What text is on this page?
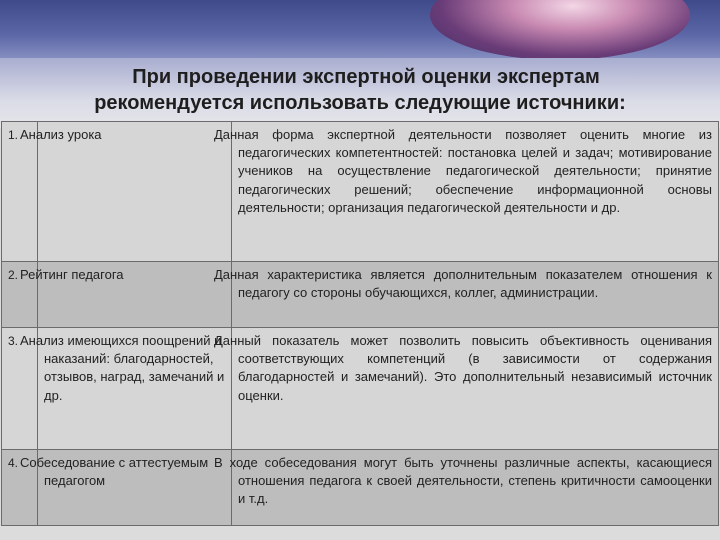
При проведении экспертной оценки экспертам
рекомендуется использовать следующие источники:
1.	Анализ урока	Данная форма экспертной деятельности позволяет оценить многие из педагогических компетентностей: постановка целей и задач; мотивирование учеников на осуществление педагогической деятельности; принятие педагогических решений; обеспечение информационной основы деятельности; организация педагогической деятельности и др.
2.	Рейтинг педагога	Данная характеристика является дополнительным показателем отношения к педагогу со стороны обучающихся, коллег, администрации.
3.	Анализ имеющихся поощрений и наказаний: благодарностей, отзывов, наград, замечаний и др.	Данный показатель может позволить повысить объективность оценивания соответствующих компетенций (в зависимости от содержания благодарностей и замечаний). Это дополнительный независимый источник оценки.
4.	Собеседование с аттестуемым педагогом	В ходе собеседования могут быть уточнены различные аспекты, касающиеся отношения педагога к своей деятельности, степень критичности самооценки и т.д.
